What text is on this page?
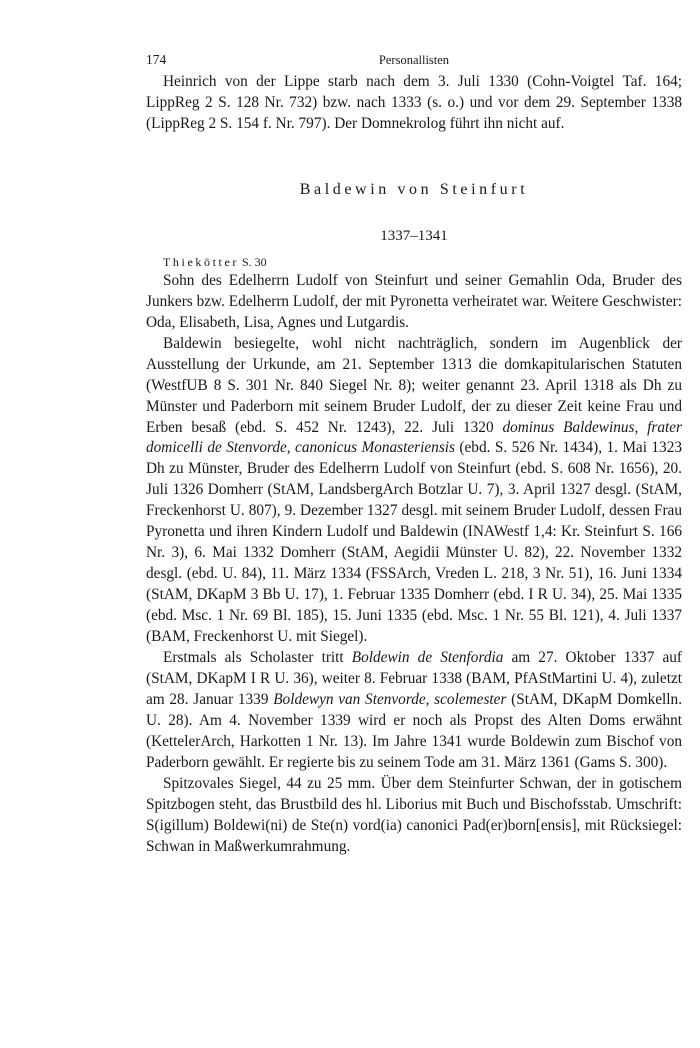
174	Personallisten

Heinrich von der Lippe starb nach dem 3. Juli 1330 (Cohn-Voigtel Taf. 164; LippReg 2 S. 128 Nr. 732) bzw. nach 1333 (s. o.) und vor dem 29. September 1338 (LippReg 2 S. 154 f. Nr. 797). Der Domnekrolog führt ihn nicht auf.

Baldewin von Steinfurt
1337–1341
Thiekötter S. 30

Sohn des Edelherrn Ludolf von Steinfurt und seiner Gemahlin Oda, Bruder des Junkers bzw. Edelherrn Ludolf, der mit Pyronetta verheiratet war. Weitere Geschwister: Oda, Elisabeth, Lisa, Agnes und Lutgardis.

Baldewin besiegelte, wohl nicht nachträglich, sondern im Augenblick der Ausstellung der Urkunde, am 21. September 1313 die domkapitularischen Statuten (WestfUB 8 S. 301 Nr. 840 Siegel Nr. 8); weiter genannt 23. April 1318 als Dh zu Münster und Paderborn mit seinem Bruder Ludolf, der zu dieser Zeit keine Frau und Erben besaß (ebd. S. 452 Nr. 1243), 22. Juli 1320 dominus Baldewinus, frater domicelli de Stenvorde, canonicus Monasteriensis (ebd. S. 526 Nr. 1434), 1. Mai 1323 Dh zu Münster, Bruder des Edelherrn Ludolf von Steinfurt (ebd. S. 608 Nr. 1656), 20. Juli 1326 Domherr (StAM, LandsbergArch Botzlar U. 7), 3. April 1327 desgl. (StAM, Freckenhorst U. 807), 9. Dezember 1327 desgl. mit seinem Bruder Ludolf, dessen Frau Pyronetta und ihren Kindern Ludolf und Baldewin (INAWestf 1,4: Kr. Steinfurt S. 166 Nr. 3), 6. Mai 1332 Domherr (StAM, Aegidii Münster U. 82), 22. November 1332 desgl. (ebd. U. 84), 11. März 1334 (FSSArch, Vreden L. 218, 3 Nr. 51), 16. Juni 1334 (StAM, DKapM 3 Bb U. 17), 1. Februar 1335 Domherr (ebd. I R U. 34), 25. Mai 1335 (ebd. Msc. 1 Nr. 69 Bl. 185), 15. Juni 1335 (ebd. Msc. 1 Nr. 55 Bl. 121), 4. Juli 1337 (BAM, Freckenhorst U. mit Siegel).

Erstmals als Scholaster tritt Boldewin de Stenfordia am 27. Oktober 1337 auf (StAM, DKapM I R U. 36), weiter 8. Februar 1338 (BAM, PfAStMartini U. 4), zuletzt am 28. Januar 1339 Boldewyn van Stenvorde, scolemester (StAM, DKapM Domkelln. U. 28). Am 4. November 1339 wird er noch als Propst des Alten Doms erwähnt (KettelerArch, Harkotten 1 Nr. 13). Im Jahre 1341 wurde Boldewin zum Bischof von Paderborn gewählt. Er regierte bis zu seinem Tode am 31. März 1361 (Gams S. 300).

Spitzovales Siegel, 44 zu 25 mm. Über dem Steinfurter Schwan, der in gotischem Spitzbogen steht, das Brustbild des hl. Liborius mit Buch und Bischofsstab. Umschrift: S(igillum) Boldewi(ni) de Ste(n) vord(ia) canonici Pad(er)born[ensis], mit Rücksiegel: Schwan in Maßwerkumrahmung.
